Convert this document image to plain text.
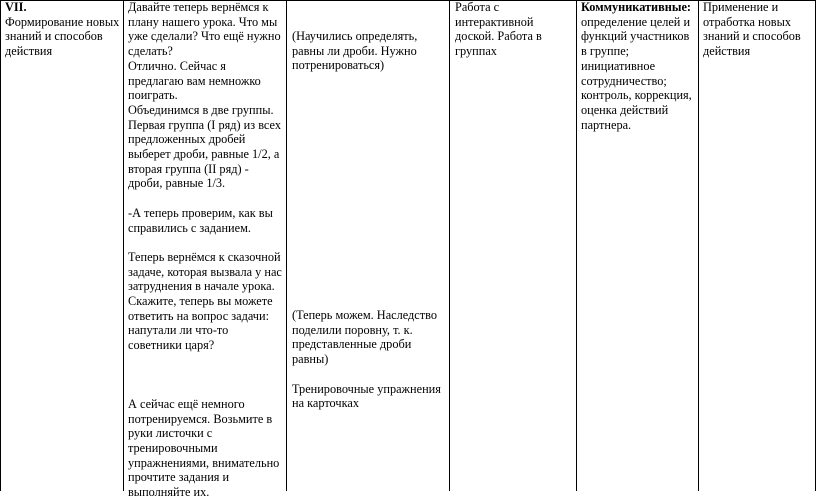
VII.

Формирование новых знаний и способов действия

Давайте теперь вернёмся к плану нашего урока. Что мы уже сделали? Что ещё нужно сделать?

Отлично. Сейчас я предлагаю вам немножко поиграть.

Объединимся в две группы. Первая группа (I ряд) из всех предложенных дробей выберет дроби, равные 1/2, а вторая группа (II ряд) - дроби, равные 1/3.

-А теперь проверим, как вы справились с заданием.

Теперь вернёмся к сказочной задаче, которая вызвала у нас затруднения в начале урока. Скажите, теперь вы можете ответить на вопрос задачи: напутали ли что-то советники царя?

А сейчас ещё немного потренируемся. Возьмите в руки листочки с тренировочными упражнениями, внимательно прочтите задания и выполняйте их.

(Научились определять, равны ли дроби. Нужно потренироваться)

(Теперь можем. Наследство поделили поровну, т. к. представленные дроби равны)

Тренировочные упражнения на карточках

Работа с интерактивной доской. Работа в группах

Коммуникативные:

определение целей и функций участников в группе; инициативное сотрудничество; контроль, коррекция, оценка действий партнера.

Применение и отработка новых знаний и способов действия
